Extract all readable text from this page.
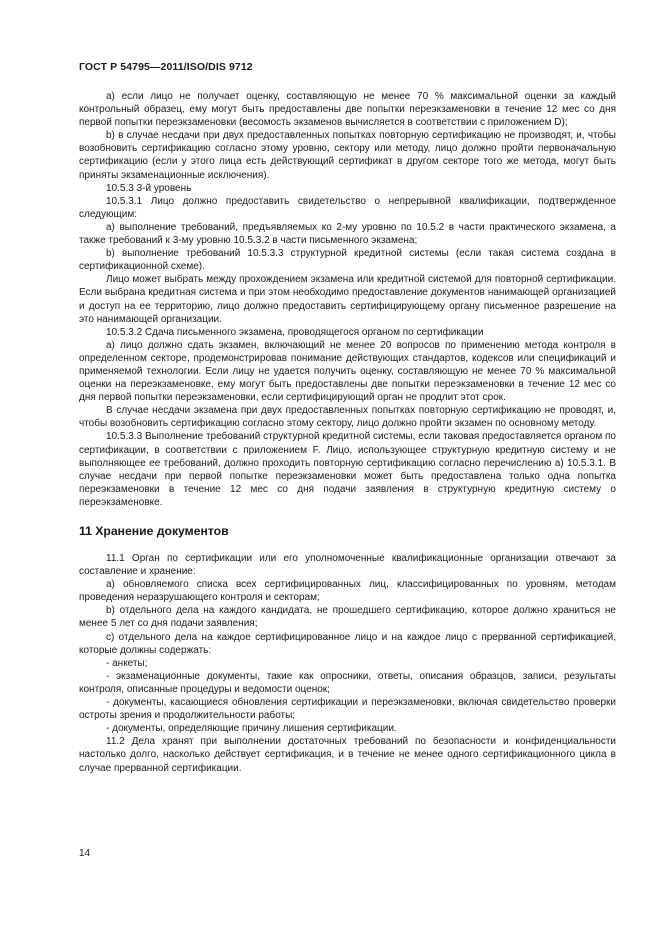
ГОСТ Р 54795—2011/ISO/DIS 9712

а) если лицо не получает оценку, составляющую не менее 70 % максимальной оценки за каждый контрольный образец, ему могут быть предоставлены две попытки переэкзаменовки в течение 12 мес со дня первой попытки переэкзаменовки (весомость экзаменов вычисляется в соответствии с приложением D);

b) в случае несдачи при двух предоставленных попытках повторную сертификацию не производят, и, чтобы возобновить сертификацию согласно этому уровню, сектору или методу, лицо должно пройти первоначальную сертификацию (если у этого лица есть действующий сертификат в другом секторе того же метода, могут быть приняты экзаменационные исключения).

10.5.3 3-й уровень

10.5.3.1 Лицо должно предоставить свидетельство о непрерывной квалификации, подтвержденное следующим:

а) выполнение требований, предъявляемых ко 2-му уровню по 10.5.2 в части практического экзамена, а также требований к 3-му уровню 10.5.3.2 в части письменного экзамена;

b) выполнение требований 10.5.3.3 структурной кредитной системы (если такая система создана в сертификационной схеме).

Лицо может выбрать между прохождением экзамена или кредитной системой для повторной сертификации. Если выбрана кредитная система и при этом необходимо предоставление документов нанимающей организацией и доступ на ее территорию, лицо должно предоставить сертифицирующему органу письменное разрешение на это нанимающей организации.

10.5.3.2 Сдача письменного экзамена, проводящегося органом по сертификации

а) лицо должно сдать экзамен, включающий не менее 20 вопросов по применению метода контроля в определенном секторе, продемонстрировав понимание действующих стандартов, кодексов или спецификаций и применяемой технологии. Если лицу не удается получить оценку, составляющую не менее 70 % максимальной оценки на переэкзаменовке, ему могут быть предоставлены две попытки переэкзаменовки в течение 12 мес со дня первой попытки переэкзаменовки, если сертифицирующий орган не продлит этот срок.

В случае несдачи экзамена при двух предоставленных попытках повторную сертификацию не проводят, и, чтобы возобновить сертификацию согласно этому сектору, лицо должно пройти экзамен по основному методу.

10.5.3.3 Выполнение требований структурной кредитной системы, если таковая предоставляется органом по сертификации, в соответствии с приложением F. Лицо, использующее структурную кредитную систему и не выполняющее ее требований, должно проходить повторную сертификацию согласно перечислению а) 10.5.3.1. В случае несдачи при первой попытке переэкзаменовки может быть предоставлена только одна попытка переэкзаменовки в течение 12 мес со дня подачи заявления в структурную кредитную систему о переэкзаменовке.

11 Хранение документов

11.1 Орган по сертификации или его уполномоченные квалификационные организации отвечают за составление и хранение:

а) обновляемого списка всех сертифицированных лиц, классифицированных по уровням, методам проведения неразрушающего контроля и секторам;

b) отдельного дела на каждого кандидата, не прошедшего сертификацию, которое должно храниться не менее 5 лет со дня подачи заявления;

с) отдельного дела на каждое сертифицированное лицо и на каждое лицо с прерванной сертификацией, которые должны содержать:

- анкеты;

- экзаменационные документы, такие как опросники, ответы, описания образцов, записи, результаты контроля, описанные процедуры и ведомости оценок;

- документы, касающиеся обновления сертификации и переэкзаменовки, включая свидетельство проверки остроты зрения и продолжительности работы;

- документы, определяющие причину лишения сертификации.

11.2 Дела хранят при выполнении достаточных требований по безопасности и конфиденциальности настолько долго, насколько действует сертификация, и в течение не менее одного сертификационного цикла в случае прерванной сертификации.

14
